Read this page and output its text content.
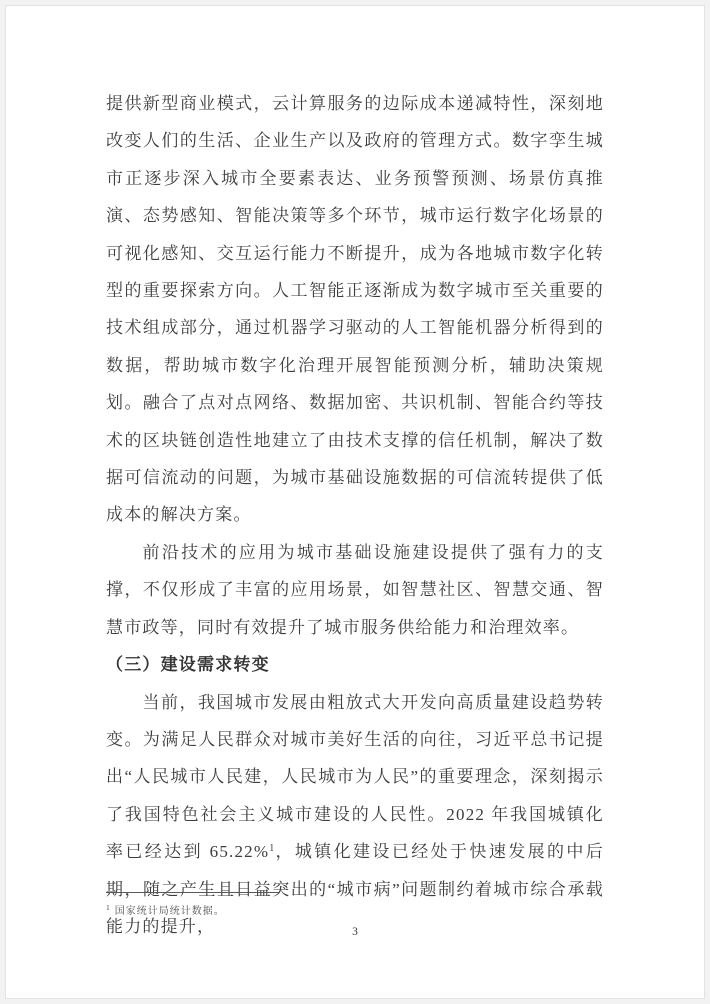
提供新型商业模式，云计算服务的边际成本递减特性，深刻地改变人们的生活、企业生产以及政府的管理方式。数字孪生城市正逐步深入城市全要素表达、业务预警预测、场景仿真推演、态势感知、智能决策等多个环节，城市运行数字化场景的可视化感知、交互运行能力不断提升，成为各地城市数字化转型的重要探索方向。人工智能正逐渐成为数字城市至关重要的技术组成部分，通过机器学习驱动的人工智能机器分析得到的数据，帮助城市数字化治理开展智能预测分析，辅助决策规划。融合了点对点网络、数据加密、共识机制、智能合约等技术的区块链创造性地建立了由技术支撑的信任机制，解决了数据可信流动的问题，为城市基础设施数据的可信流转提供了低成本的解决方案。

前沿技术的应用为城市基础设施建设提供了强有力的支撑，不仅形成了丰富的应用场景，如智慧社区、智慧交通、智慧市政等，同时有效提升了城市服务供给能力和治理效率。

（三）建设需求转变

当前，我国城市发展由粗放式大开发向高质量建设趋势转变。为满足人民群众对城市美好生活的向往，习近平总书记提出“人民城市人民建，人民城市为人民”的重要理念，深刻揭示了我国特色社会主义城市建设的人民性。2022 年我国城镇化率已经达到 65.22%$^1$，城镇化建设已经处于快速发展的中后期，随之产生且日益突出的“城市病”问题制约着城市综合承载能力的提升，

$^1$ 国家统计局统计数据。
3
